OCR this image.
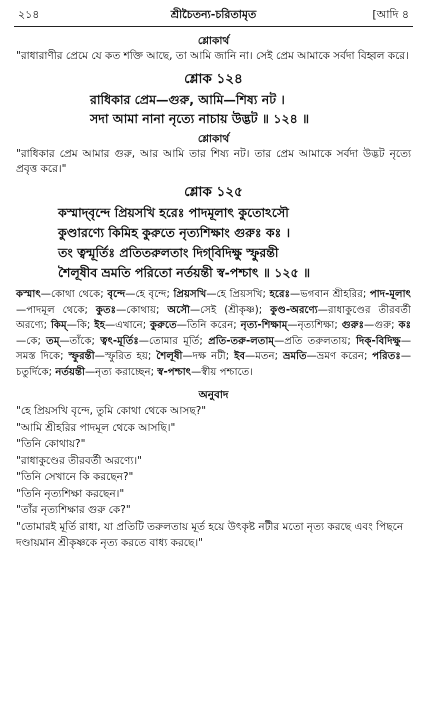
২১৪	শ্রীচৈতন্য-চরিতামৃত	[আদি ৪

শ্লোকার্থ

"রাধারাণীর প্রেমে যে কত শক্তি আছে, তা আমি জানি না। সেই প্রেম আমাকে সর্বদা বিহ্বল করে।

শ্লোক ১২৪

রাধিকার প্রেম—গুরু, আমি—শিষ্য নট ।
সদা আমা নানা নৃত্যে নাচায় উদ্ভট ॥ ১২৪ ॥

শ্লোকার্থ

"রাধিকার প্রেম আমার গুরু, আর আমি তার শিষ্য নট। তার প্রেম আমাকে সর্বদা উদ্ভট নৃত্যে প্রবৃত্ত করে।"

শ্লোক ১২৫

কস্মাদ্‌বৃন্দে প্রিয়সখি হরেঃ পাদমূলাৎ কুতোঽসৌ
কুণ্ডারণ্যে কিমিহ কুরুতে নৃত্যশিক্ষাং গুরুঃ কঃ ।
তং ত্বন্মূর্তিঃ প্রতিতরুলতাং দিগ্‌বিদিক্ষু স্ফুরন্তী
শৈলূষীব ভ্রমতি পরিতো নর্তয়ন্তী স্ব-পশ্চাৎ ॥ ১২৫ ॥

কস্মাৎ—কোথা থেকে; বৃন্দে—হে বৃন্দে; প্রিয়সখি—হে প্রিয়সখি; হরেঃ—ভগবান শ্রীহরির; পাদ-মূলাৎ—পাদমূল থেকে; কুতঃ—কোথায়; অসৌ—সেই (শ্রীকৃষ্ণ); কুণ্ড-অরণ্যে—রাধাকুণ্ডের তীরবর্তী অরণ্যে; কিম্—কি; ইহ—এখানে; কুরুতে—তিনি করেন; নৃত্য-শিক্ষাম্—নৃত্যশিক্ষা; গুরুঃ—গুরু; কঃ—কে; তম্—তাঁকে; ত্বৎ-মূর্তিঃ—তোমার মূর্তি; প্রতি-তরু-লতাম্—প্রতি তরুলতায়; দিক্-বিদিক্ষু—সমস্ত দিকে; স্ফুরন্তী—স্ফুরিত হয়; শৈলূষী—দক্ষ নটী; ইব—মতন; ভ্রমতি—ভ্রমণ করেন; পরিতঃ—চতুর্দিকে; নর্তয়ন্তী—নৃত্য করাচ্ছেন; স্ব-পশ্চাৎ—স্বীয় পশ্চাতে।

অনুবাদ

"হে প্রিয়সখি বৃন্দে, তুমি কোথা থেকে আসছ?"

"আমি শ্রীহরির পাদমূল থেকে আসছি।"

"তিনি কোথায়?"

"রাধাকুণ্ডের তীরবর্তী অরণ্যে।"

"তিনি সেখানে কি করছেন?"

"তিনি নৃত্যশিক্ষা করছেন।"

"তাঁর নৃত্যশিক্ষার গুরু কে?"

"তোমারই মূর্তি রাধা, যা প্রতিটি তরুলতায় মূর্ত হয়ে উৎকৃষ্ট নটীর মতো নৃত্য করছে এবং পিছনে দণ্ডায়মান শ্রীকৃষ্ণকে নৃত্য করতে বাধ্য করছে।"
